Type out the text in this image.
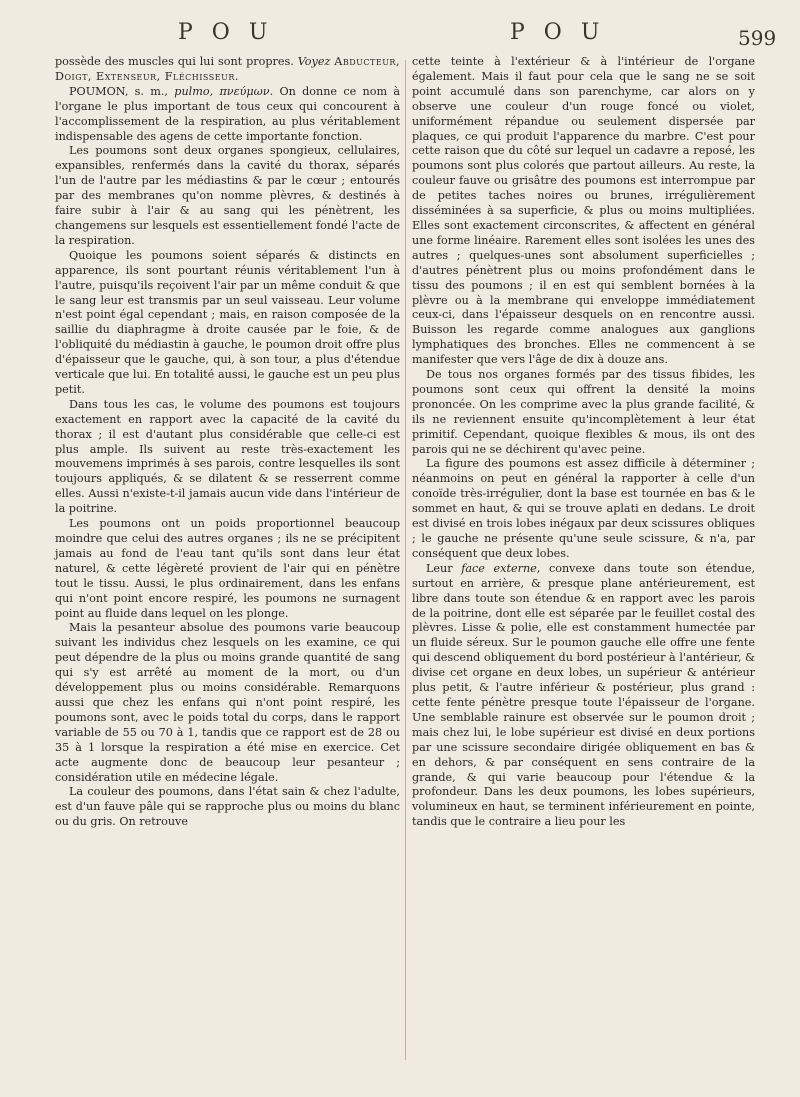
P O U	P O U	599

possède des muscles qui lui sont propres. Voyez Abducteur, Doigt, Extenseur, Fléchisseur.

POUMON, s. m., pulmo, πνεύμων. On donne ce nom à l'organe le plus important de tous ceux qui concourent à l'accomplissement de la respiration, au plus véritablement indispensable des agens de cette importante fonction.

Les poumons sont deux organes spongieux, cellulaires, expansibles, renfermés dans la cavité du thorax, séparés l'un de l'autre par les médiastins & par le cœur ; entourés par des membranes qu'on nomme plèvres, & destinés à faire subir à l'air & au sang qui les pénètrent, les changemens sur lesquels est essentiellement fondé l'acte de la respiration.

Quoique les poumons soient séparés & distincts en apparence, ils sont pourtant réunis véritablement l'un à l'autre, puisqu'ils reçoivent l'air par un même conduit & que le sang leur est transmis par un seul vaisseau. Leur volume n'est point égal cependant ; mais, en raison composée de la saillie du diaphragme à droite causée par le foie, & de l'obliquité du médiastin à gauche, le poumon droit offre plus d'épaisseur que le gauche, qui, à son tour, a plus d'étendue verticale que lui. En totalité aussi, le gauche est un peu plus petit.

Dans tous les cas, le volume des poumons est toujours exactement en rapport avec la capacité de la cavité du thorax ; il est d'autant plus considérable que celle-ci est plus ample. Ils suivent au reste très-exactement les mouvemens imprimés à ses parois, contre lesquelles ils sont toujours appliqués, & se dilatent & se resserrent comme elles. Aussi n'existe-t-il jamais aucun vide dans l'intérieur de la poitrine.

Les poumons ont un poids proportionnel beaucoup moindre que celui des autres organes ; ils ne se précipitent jamais au fond de l'eau tant qu'ils sont dans leur état naturel, & cette légèreté provient de l'air qui en pénètre tout le tissu. Aussi, le plus ordinairement, dans les enfans qui n'ont point encore respiré, les poumons ne surnagent point au fluide dans lequel on les plonge.

Mais la pesanteur absolue des poumons varie beaucoup suivant les individus chez lesquels on les examine, ce qui peut dépendre de la plus ou moins grande quantité de sang qui s'y est arrêté au moment de la mort, ou d'un développement plus ou moins considérable. Remarquons aussi que chez les enfans qui n'ont point respiré, les poumons sont, avec le poids total du corps, dans le rapport variable de 55 ou 70 à 1, tandis que ce rapport est de 28 ou 35 à 1 lorsque la respiration a été mise en exercice. Cet acte augmente donc de beaucoup leur pesanteur ; considération utile en médecine légale.

La couleur des poumons, dans l'état sain & chez l'adulte, est d'un fauve pâle qui se rapproche plus ou moins du blanc ou du gris. On retrouve

cette teinte à l'extérieur & à l'intérieur de l'organe également. Mais il faut pour cela que le sang ne se soit point accumulé dans son parenchyme, car alors on y observe une couleur d'un rouge foncé ou violet, uniformément répandue ou seulement dispersée par plaques, ce qui produit l'apparence du marbre. C'est pour cette raison que du côté sur lequel un cadavre a reposé, les poumons sont plus colorés que partout ailleurs. Au reste, la couleur fauve ou grisâtre des poumons est interrompue par de petites taches noires ou brunes, irrégulièrement disséminées à sa superficie, & plus ou moins multipliées. Elles sont exactement circonscrites, & affectent en général une forme linéaire. Rarement elles sont isolées les unes des autres ; quelques-unes sont absolument superficielles ; d'autres pénètrent plus ou moins profondément dans le tissu des poumons ; il en est qui semblent bornées à la plèvre ou à la membrane qui enveloppe immédiatement ceux-ci, dans l'épaisseur desquels on en rencontre aussi. Buisson les regarde comme analogues aux ganglions lymphatiques des bronches. Elles ne commencent à se manifester que vers l'âge de dix à douze ans.

De tous nos organes formés par des tissus fibides, les poumons sont ceux qui offrent la densité la moins prononcée. On les comprime avec la plus grande facilité, & ils ne reviennent ensuite qu'incomplètement à leur état primitif. Cependant, quoique flexibles & mous, ils ont des parois qui ne se déchirent qu'avec peine.

La figure des poumons est assez difficile à déterminer ; néanmoins on peut en général la rapporter à celle d'un conoïde très-irrégulier, dont la base est tournée en bas & le sommet en haut, & qui se trouve aplati en dedans. Le droit est divisé en trois lobes inégaux par deux scissures obliques ; le gauche ne présente qu'une seule scissure, & n'a, par conséquent que deux lobes.

Leur face externe, convexe dans toute son étendue, surtout en arrière, & presque plane antérieurement, est libre dans toute son étendue & en rapport avec les parois de la poitrine, dont elle est séparée par le feuillet costal des plèvres. Lisse & polie, elle est constamment humectée par un fluide séreux. Sur le poumon gauche elle offre une fente qui descend obliquement du bord postérieur à l'antérieur, & divise cet organe en deux lobes, un supérieur & antérieur plus petit, & l'autre inférieur & postérieur, plus grand : cette fente pénètre presque toute l'épaisseur de l'organe. Une semblable rainure est observée sur le poumon droit ; mais chez lui, le lobe supérieur est divisé en deux portions par une scissure secondaire dirigée obliquement en bas & en dehors, & par conséquent en sens contraire de la grande, & qui varie beaucoup pour l'étendue & la profondeur. Dans les deux poumons, les lobes supérieurs, volumineux en haut, se terminent inférieurement en pointe, tandis que le contraire a lieu pour les
